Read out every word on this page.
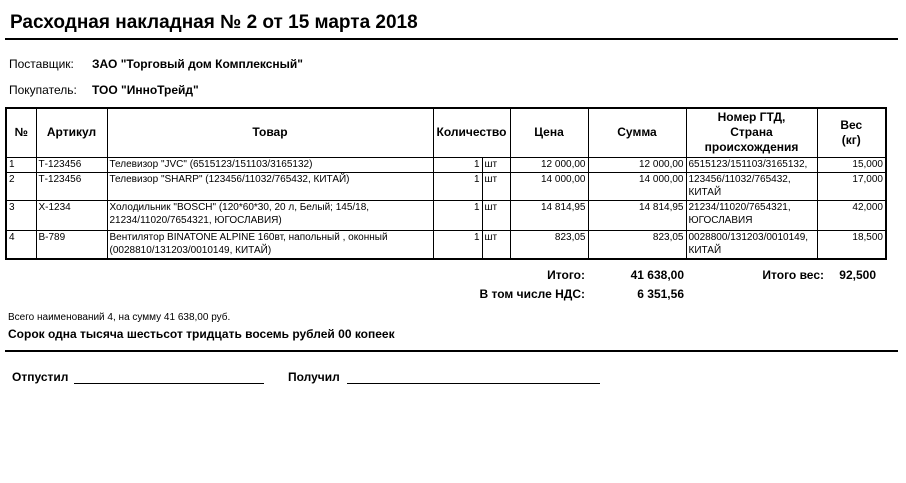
Расходная накладная № 2 от 15 марта 2018
Поставщик: ЗАО "Торговый дом Комплексный"
Покупатель: ТОО "ИнноТрейд"
№	Артикул	Товар	Количество		Цена	Сумма	Номер ГТД,
Страна
происхождения	Вес
(кг)
1	Т-123456	Телевизор "JVC" (6515123/151103/3165132)	1	шт	12 000,00	12 000,00	6515123/151103/3165132,	15,000
2	Т-123456	Телевизор "SHARP" (123456/11032/765432, КИТАЙ)	1	шт	14 000,00	14 000,00	123456/11032/765432, КИТАЙ	17,000
3	Х-1234	Холодильник "BOSCH" (120*60*30, 20 л, Белый; 145/18, 21234/11020/7654321, ЮГОСЛАВИЯ)	1	шт	14 814,95	14 814,95	21234/11020/7654321, ЮГОСЛАВИЯ	42,000
4	В-789	Вентилятор BINATONE ALPINE 160вт, напольный , оконный (0028810/131203/0010149, КИТАЙ)	1	шт	823,05	823,05	0028800/131203/0010149, КИТАЙ	18,500
Итого:	41 638,00
В том числе НДС:	6 351,56
Итого вес:	92,500
Всего наименований 4, на сумму 41 638,00 руб.
Сорок одна тысяча шестьсот тридцать восемь рублей 00 копеек
Отпустил	Получил
